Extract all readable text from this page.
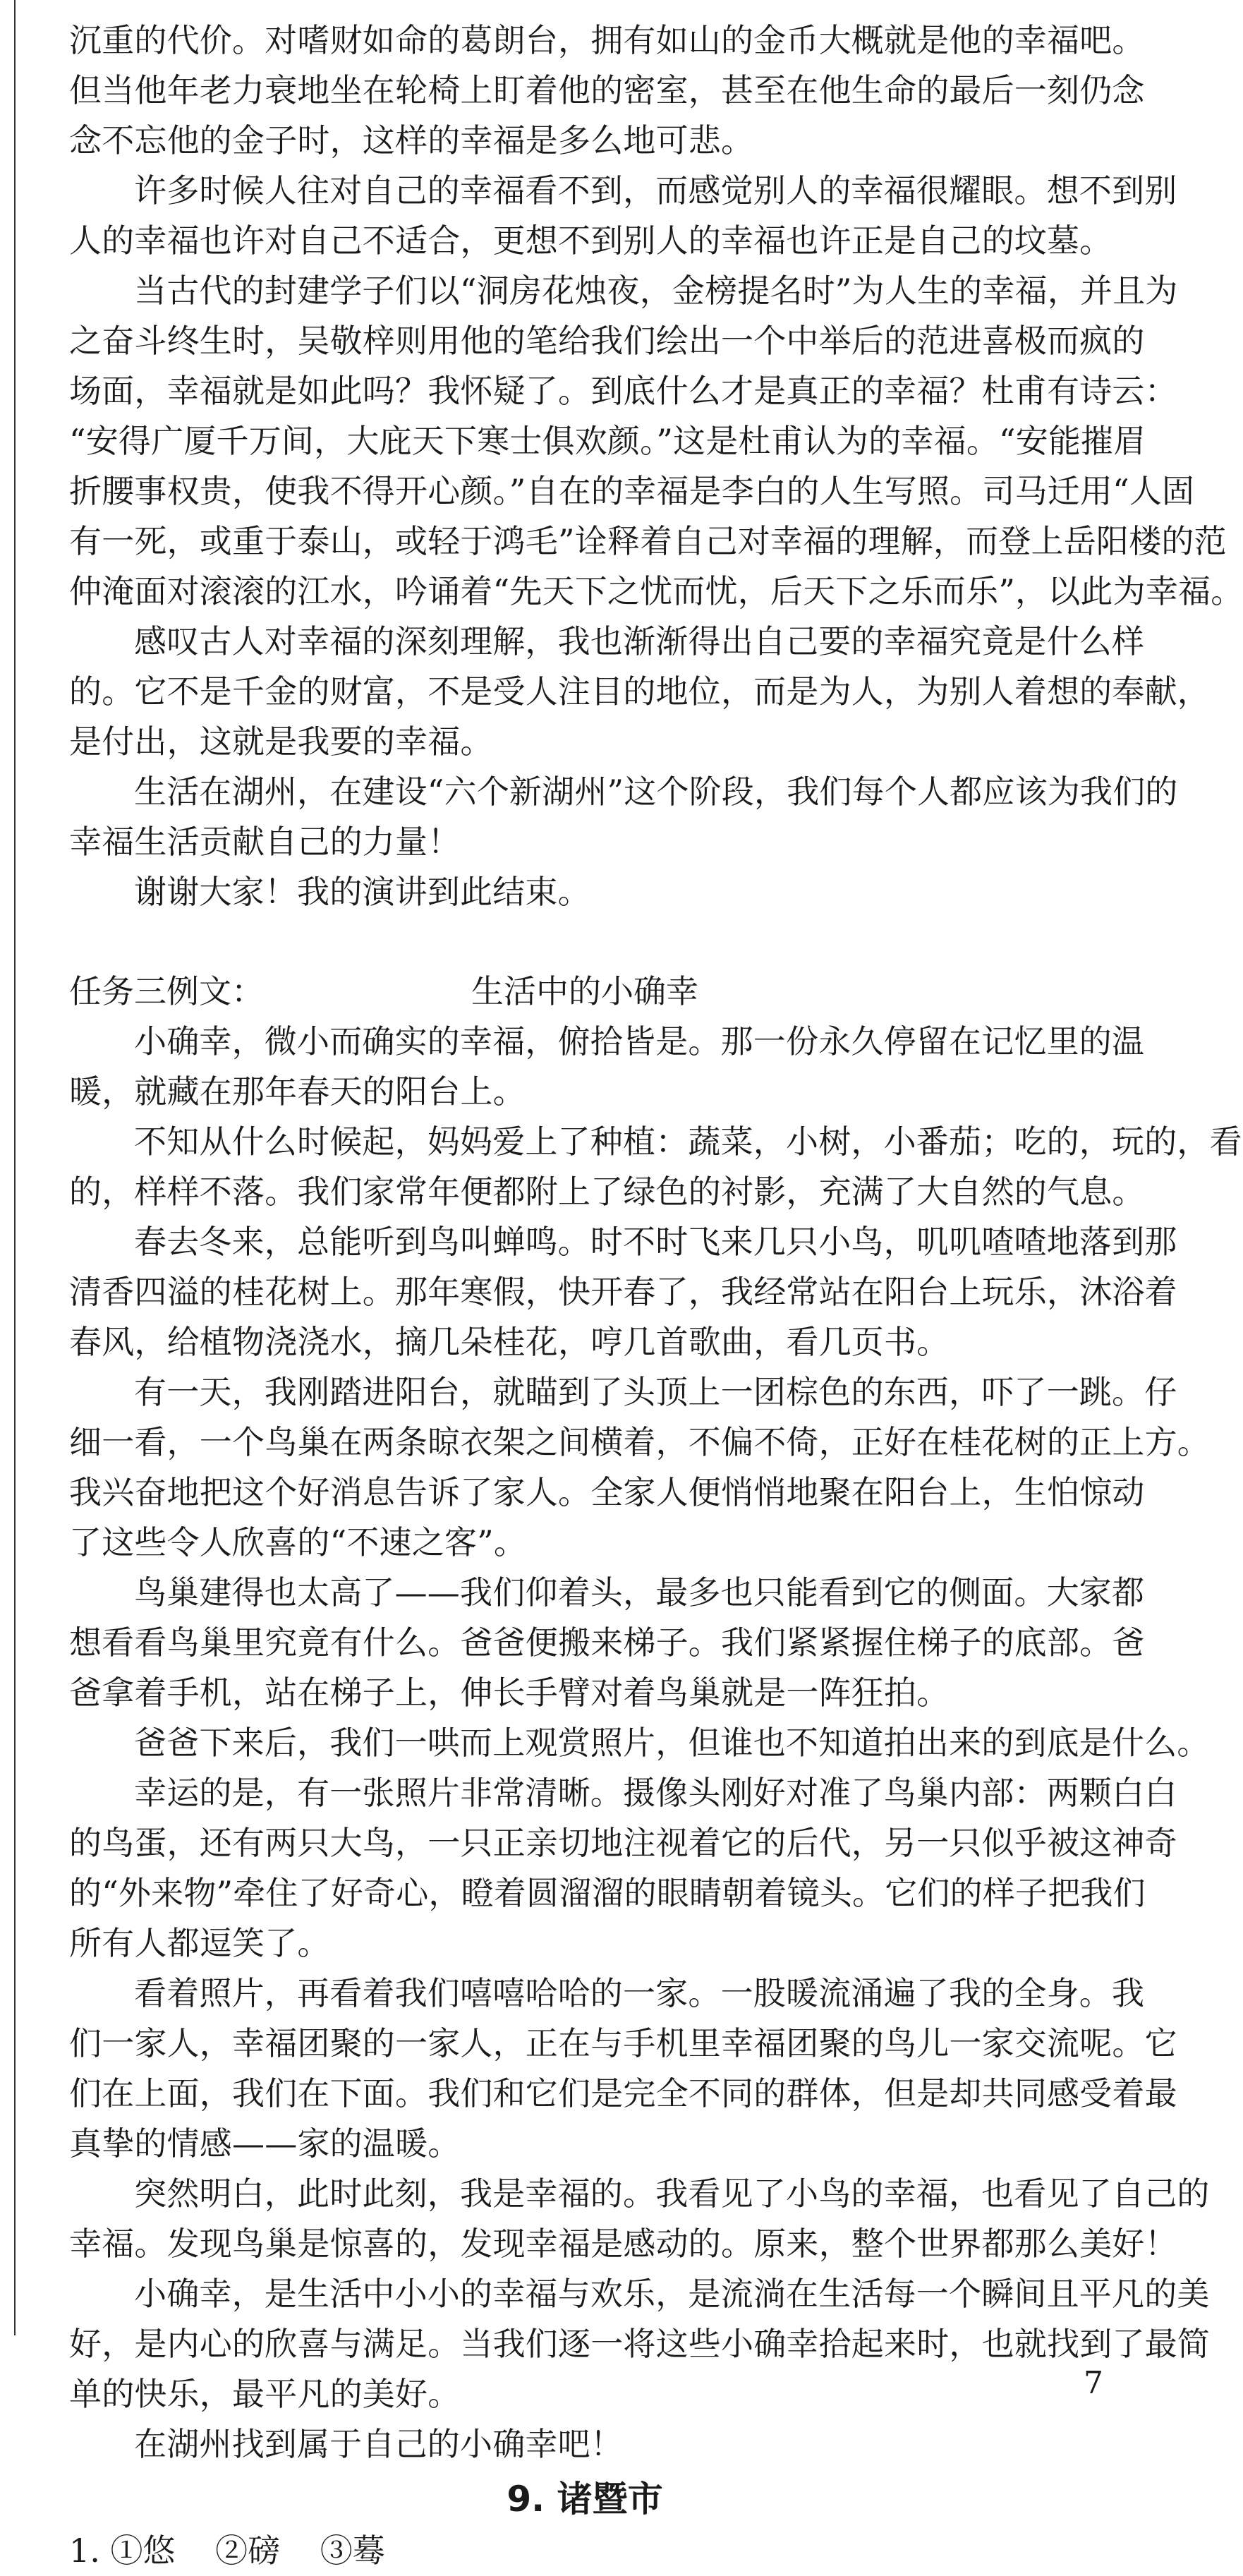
沉重的代价。对嗜财如命的葛朗台，拥有如山的金币大概就是他的幸福吧。
但当他年老力衰地坐在轮椅上盯着他的密室，甚至在他生命的最后一刻仍念
念不忘他的金子时，这样的幸福是多么地可悲。
许多时候人往对自己的幸福看不到，而感觉别人的幸福很耀眼。想不到别
人的幸福也许对自己不适合，更想不到别人的幸福也许正是自己的坟墓。
当古代的封建学子们以“洞房花烛夜，金榜提名时”为人生的幸福，并且为
之奋斗终生时，吴敬梓则用他的笔给我们绘出一个中举后的范进喜极而疯的
场面，幸福就是如此吗？我怀疑了。到底什么才是真正的幸福？杜甫有诗云：
“安得广厦千万间，大庇天下寒士俱欢颜。”这是杜甫认为的幸福。“安能摧眉
折腰事权贵，使我不得开心颜。”自在的幸福是李白的人生写照。司马迁用“人固
有一死，或重于泰山，或轻于鸿毛”诠释着自己对幸福的理解，而登上岳阳楼的范
仲淹面对滚滚的江水，吟诵着“先天下之忧而忧，后天下之乐而乐”，以此为幸福。
感叹古人对幸福的深刻理解，我也渐渐得出自己要的幸福究竟是什么样
的。它不是千金的财富，不是受人注目的地位，而是为人，为别人着想的奉献，
是付出，这就是我要的幸福。
生活在湖州，在建设“六个新湖州”这个阶段，我们每个人都应该为我们的
幸福生活贡献自己的力量！
谢谢大家！我的演讲到此结束。
任务三例文：	生活中的小确幸
小确幸，微小而确实的幸福，俯拾皆是。那一份永久停留在记忆里的温
暖，就藏在那年春天的阳台上。
不知从什么时候起，妈妈爱上了种植：蔬菜，小树，小番茄；吃的，玩的，看
的，样样不落。我们家常年便都附上了绿色的衬影，充满了大自然的气息。
春去冬来，总能听到鸟叫蝉鸣。时不时飞来几只小鸟，叽叽喳喳地落到那
清香四溢的桂花树上。那年寒假，快开春了，我经常站在阳台上玩乐，沐浴着
春风，给植物浇浇水，摘几朵桂花，哼几首歌曲，看几页书。
有一天，我刚踏进阳台，就瞄到了头顶上一团棕色的东西，吓了一跳。仔
细一看，一个鸟巢在两条晾衣架之间横着，不偏不倚，正好在桂花树的正上方。
我兴奋地把这个好消息告诉了家人。全家人便悄悄地聚在阳台上，生怕惊动
了这些令人欣喜的“不速之客”。
鸟巢建得也太高了——我们仰着头，最多也只能看到它的侧面。大家都
想看看鸟巢里究竟有什么。爸爸便搬来梯子。我们紧紧握住梯子的底部。爸
爸拿着手机，站在梯子上，伸长手臂对着鸟巢就是一阵狂拍。
爸爸下来后，我们一哄而上观赏照片，但谁也不知道拍出来的到底是什么。
幸运的是，有一张照片非常清晰。摄像头刚好对准了鸟巢内部：两颗白白
的鸟蛋，还有两只大鸟，一只正亲切地注视着它的后代，另一只似乎被这神奇
的“外来物”牵住了好奇心，瞪着圆溜溜的眼睛朝着镜头。它们的样子把我们
所有人都逗笑了。
看着照片，再看着我们嘻嘻哈哈的一家。一股暖流涌遍了我的全身。我
们一家人，幸福团聚的一家人，正在与手机里幸福团聚的鸟儿一家交流呢。它
们在上面，我们在下面。我们和它们是完全不同的群体，但是却共同感受着最
真挚的情感——家的温暖。
突然明白，此时此刻，我是幸福的。我看见了小鸟的幸福，也看见了自己的
幸福。发现鸟巢是惊喜的，发现幸福是感动的。原来，整个世界都那么美好！
小确幸，是生活中小小的幸福与欢乐，是流淌在生活每一个瞬间且平凡的美
好，是内心的欣喜与满足。当我们逐一将这些小确幸拾起来时，也就找到了最简
单的快乐，最平凡的美好。
在湖州找到属于自己的小确幸吧！
9. 诸暨市
1. ①悠 ②磅 ③蓦
7
